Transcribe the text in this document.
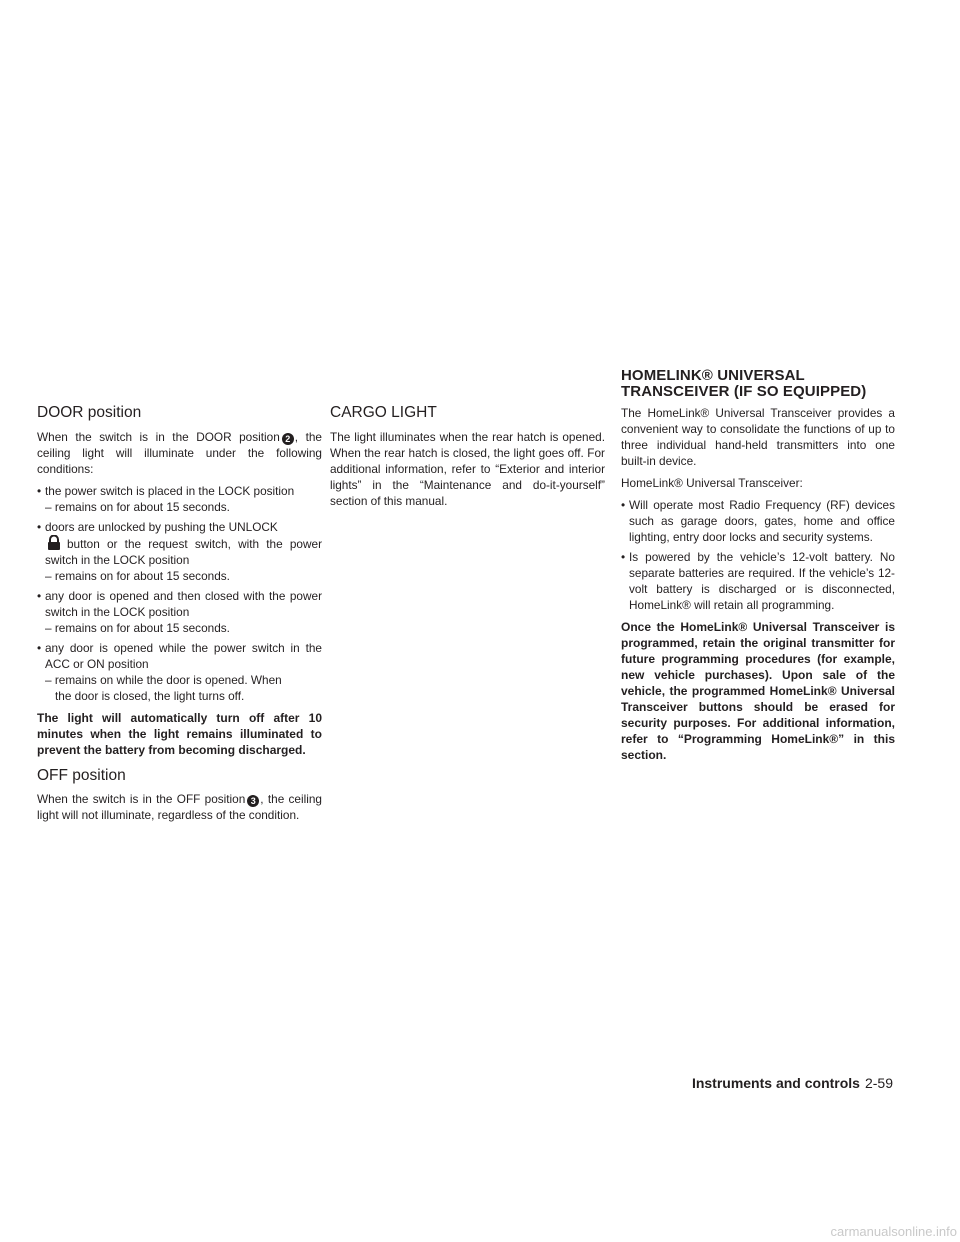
DOOR position

When the switch is in the DOOR position 2 , the ceiling light will illuminate under the following conditions:

• the power switch is placed in the LOCK position
– remains on for about 15 seconds.
• doors are unlocked by pushing the UNLOCK

button or the request switch, with the power switch in the LOCK position

– remains on for about 15 seconds.
• any door is opened and then closed with the power switch in the LOCK position
– remains on for about 15 seconds.
• any door is opened while the power switch in the ACC or ON position
– remains on while the door is opened. When
the door is closed, the light turns off.

The light will automatically turn off after 10 minutes when the light remains illuminated to prevent the battery from becoming discharged.

OFF position

When the switch is in the OFF position 3 , the ceiling light will not illuminate, regardless of the condition.

CARGO LIGHT

The light illuminates when the rear hatch is opened. When the rear hatch is closed, the light goes off. For additional information, refer to “Exterior and interior lights” in the “Maintenance and do-it-yourself” section of this manual.

HOMELINK® UNIVERSAL
TRANSCEIVER (IF SO EQUIPPED)

The HomeLink® Universal Transceiver provides a convenient way to consolidate the functions of up to three individual hand-held transmitters into one built-in device.

HomeLink® Universal Transceiver:

• Will operate most Radio Frequency (RF) devices such as garage doors, gates, home and office lighting, entry door locks and security systems.
• Is powered by the vehicle’s 12-volt battery. No separate batteries are required. If the vehicle’s 12-volt battery is discharged or is disconnected, HomeLink® will retain all programming.

Once the HomeLink® Universal Transceiver is programmed, retain the original transmitter for future programming procedures (for example, new vehicle purchases). Upon sale of the vehicle, the programmed HomeLink® Universal Transceiver buttons should be erased for security purposes. For additional information, refer to “Programming HomeLink®” in this section.

Instruments and controls 2-59
carmanualsonline.info
